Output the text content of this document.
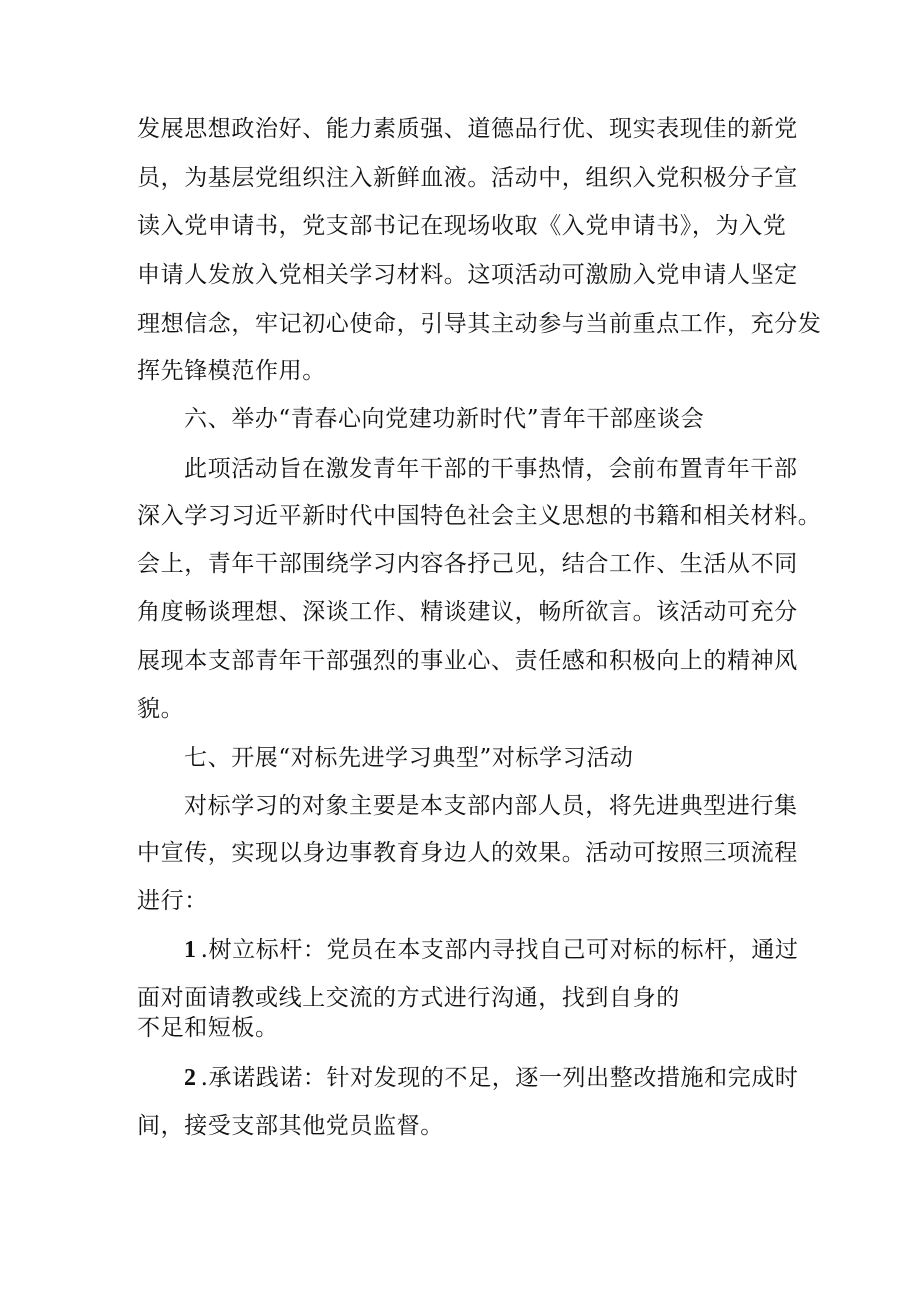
发展思想政治好、能力素质强、道德品行优、现实表现佳的新党

员，为基层党组织注入新鲜血液。活动中，组织入党积极分子宣

读入党申请书，党支部书记在现场收取《入党申请书》，为入党

申请人发放入党相关学习材料。这项活动可激励入党申请人坚定

理想信念，牢记初心使命，引导其主动参与当前重点工作，充分发

挥先锋模范作用。

六、举办“青春心向党建功新时代”青年干部座谈会

此项活动旨在激发青年干部的干事热情，会前布置青年干部

深入学习习近平新时代中国特色社会主义思想的书籍和相关材料。

会上，青年干部围绕学习内容各抒己见，结合工作、生活从不同

角度畅谈理想、深谈工作、精谈建议，畅所欲言。该活动可充分

展现本支部青年干部强烈的事业心、责任感和积极向上的精神风

貌。

七、开展“对标先进学习典型”对标学习活动

对标学习的对象主要是本支部内部人员，将先进典型进行集

中宣传，实现以身边事教育身边人的效果。活动可按照三项流程

进行：

1 .树立标杆：党员在本支部内寻找自己可对标的标杆，通过

面对面请教或线上交流的方式进行沟通，找到自身的

不足和短板。

2 .承诺践诺：针对发现的不足，逐一列出整改措施和完成时

间，接受支部其他党员监督。
